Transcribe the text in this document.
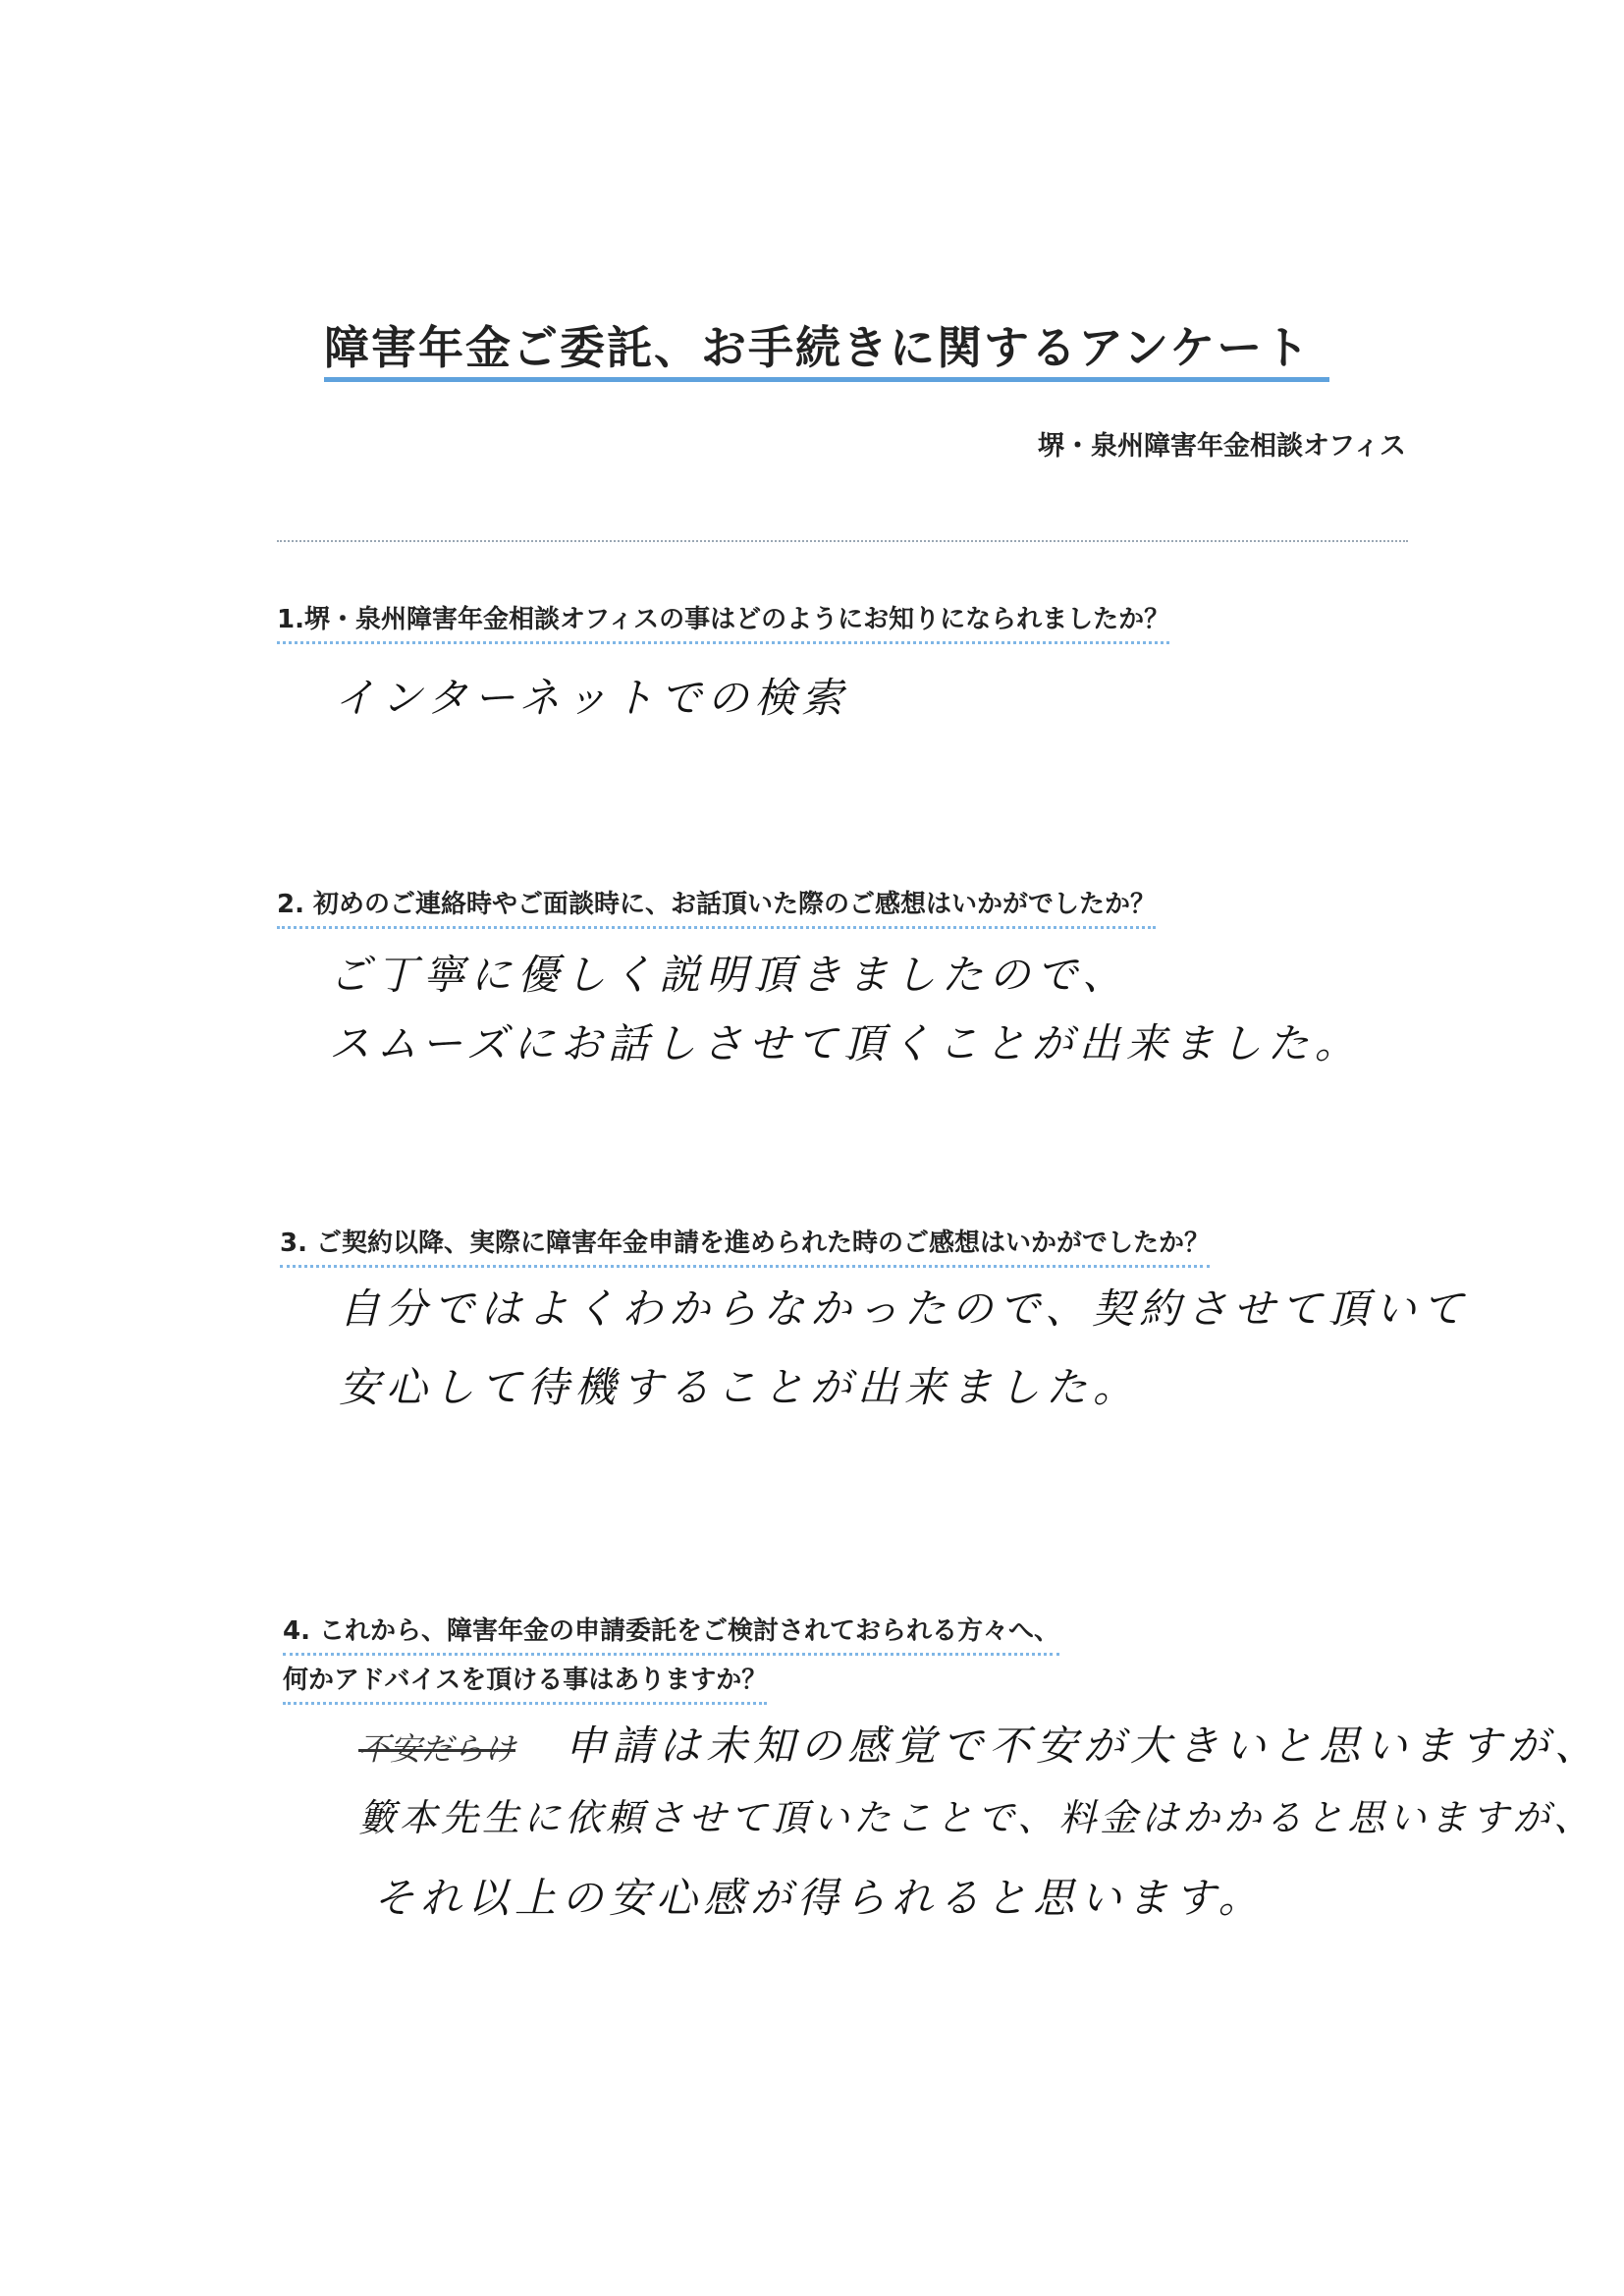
障害年金ご委託、お手続きに関するアンケート
堺・泉州障害年金相談オフィス
1.堺・泉州障害年金相談オフィスの事はどのようにお知りになられましたか？
インターネットでの検索
2. 初めのご連絡時やご面談時に、お話頂いた際のご感想はいかがでしたか？
ご丁寧に優しく説明頂きましたので、
スムーズにお話しさせて頂くことが出来ました。
3. ご契約以降、実際に障害年金申請を進められた時のご感想はいかがでしたか？
自分ではよくわからなかったので、契約させて頂いて
安心して待機することが出来ました。
4. これから、障害年金の申請委託をご検討されておられる方々へ、
何かアドバイスを頂ける事はありますか？
不安だらけ 申請は未知の感覚で不安が大きいと思いますが、
籔本先生に依頼させて頂いたことで、料金はかかると思いますが、
それ以上の安心感が得られると思います。
